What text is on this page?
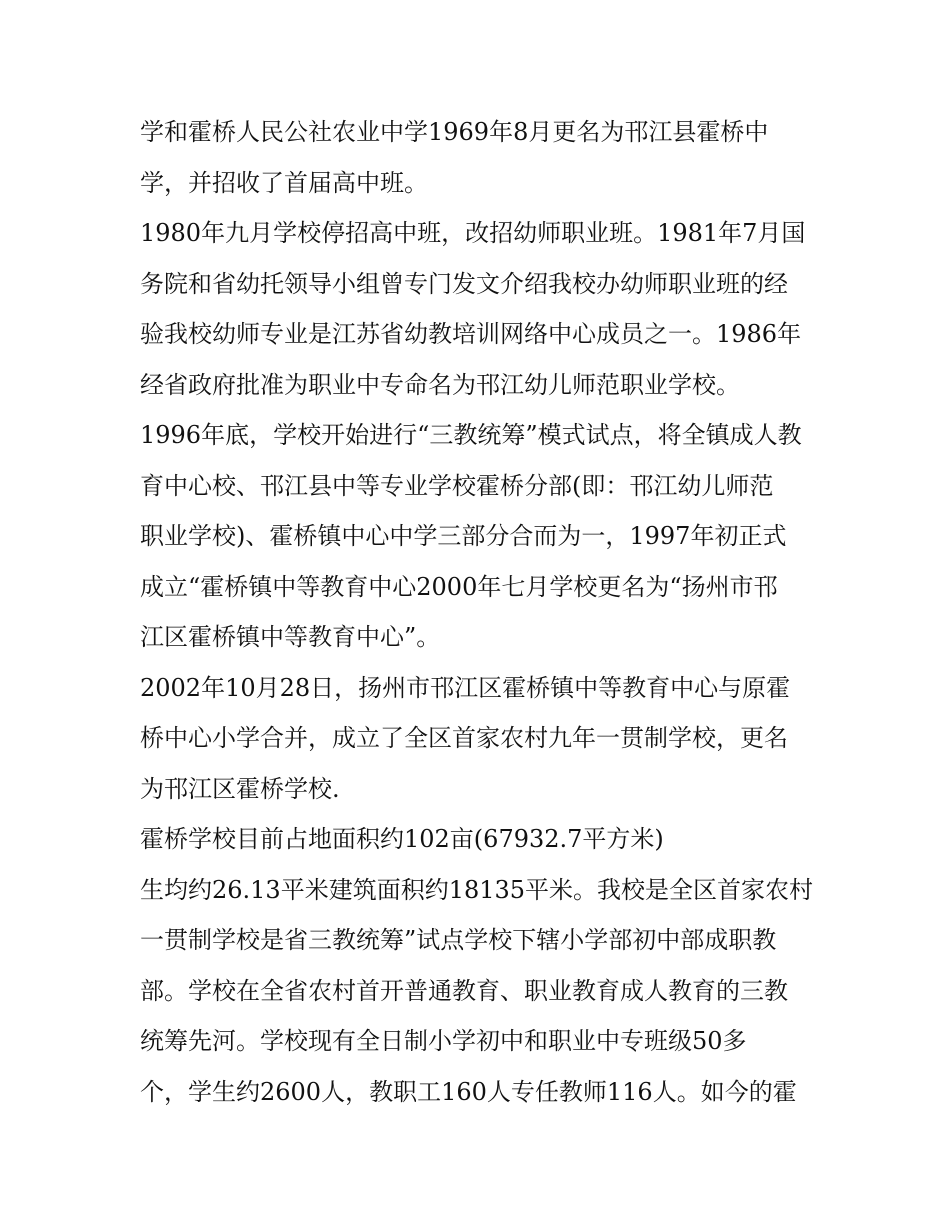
学和霍桥人民公社农业中学1969年8月更名为邗江县霍桥中
学，并招收了首届高中班。
1980年九月学校停招高中班，改招幼师职业班。1981年7月国
务院和省幼托领导小组曾专门发文介绍我校办幼师职业班的经
验我校幼师专业是江苏省幼教培训网络中心成员之一。1986年
经省政府批准为职业中专命名为邗江幼儿师范职业学校。
1996年底，学校开始进行“三教统筹”模式试点，将全镇成人教
育中心校、邗江县中等专业学校霍桥分部(即：邗江幼儿师范
职业学校)、霍桥镇中心中学三部分合而为一，1997年初正式
成立“霍桥镇中等教育中心2000年七月学校更名为“扬州市邗
江区霍桥镇中等教育中心”。
2002年10月28日，扬州市邗江区霍桥镇中等教育中心与原霍
桥中心小学合并，成立了全区首家农村九年一贯制学校，更名
为邗江区霍桥学校.
霍桥学校目前占地面积约102亩(67932.7平方米)
生均约26.13平米建筑面积约18135平米。我校是全区首家农村
一贯制学校是省三教统筹”试点学校下辖小学部初中部成职教
部。学校在全省农村首开普通教育、职业教育成人教育的三教
统筹先河。学校现有全日制小学初中和职业中专班级50多
个，学生约2600人，教职工160人专任教师116人。如今的霍
